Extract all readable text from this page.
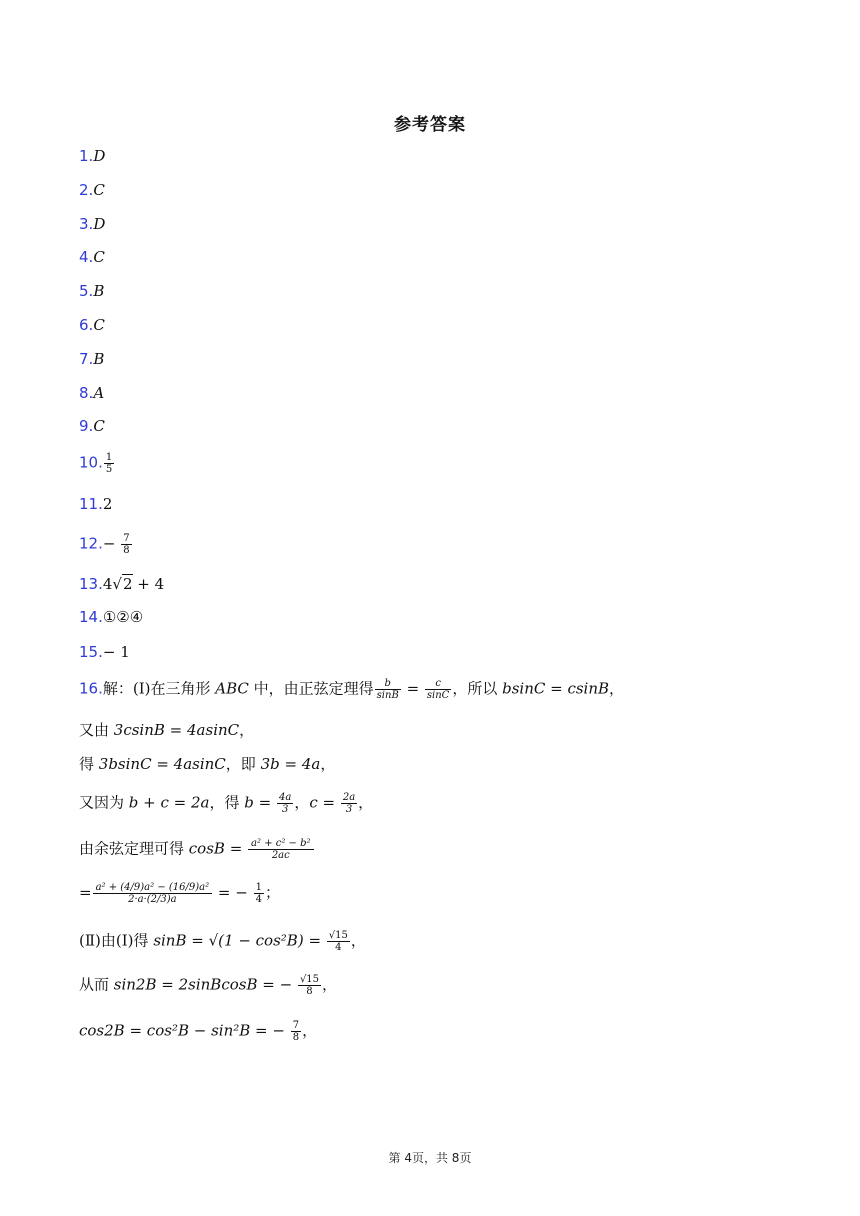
参考答案
1.D
2.C
3.D
4.C
5.B
6.C
7.B
8.A
9.C
10. $\frac{1}{5}$
11.2
$12.- \frac{7}{8}$
13.4√2 + 4
14.①②④
15.− 1
16.解：(Ⅰ)在三角形 ABC 中，由正弦定理得 $\frac{b}{\sin B} = \frac{c}{\sin C}$ ，所以 bsinC = csinB，
又由 3csinB = 4asinC，
得 3bsinC = 4asinC，即 3b = 4a，
又因为 b + c = 2a，得 $b = \frac{4a}{3}$ ，$c = \frac{2a}{3}$ ，
由余弦定理可得 $\cos B = \frac{\text{a² + c² − b²}}{2ac}$
= $\frac{\text{a² + (4/9)a² − (16/9)a²}}{2\cdot a\cdot(2/3)a}$ = − $\frac{1}{4}$ ；
(Ⅱ)由(Ⅰ)得 $\sin B = √(1 - \cos^2B) = \frac{√15}{4}$ ，
从而 sin2B = 2sinBcosB = − $\frac{√15}{8}$ ，
cos2B = cos²B − sin²B = − $\frac{7}{8}$ ，
第 4页，共 8页
